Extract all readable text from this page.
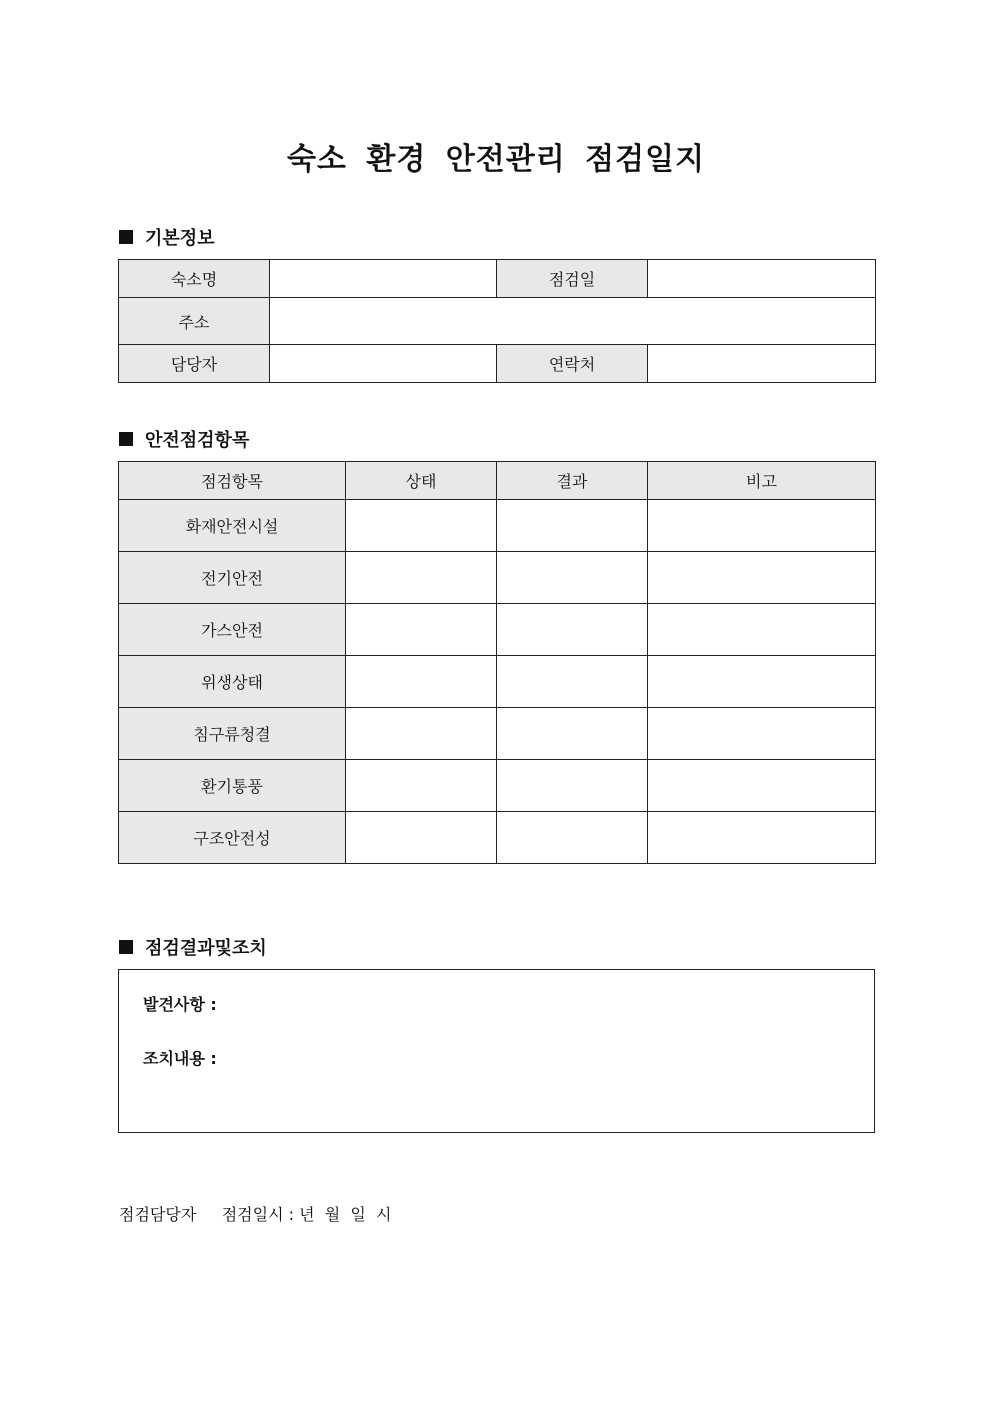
숙소 환경 안전관리 점검일지
기본정보
숙소명		점검일	
주소			
담당자		연락처	
안전점검항목
점검항목	상태	결과	비고
화재안전시설			
전기안전			
가스안전			
위생상태			
침구류청결			
환기통풍			
구조안전성			
점검결과및조치
발견사항 :
조치내용 :
점검담당자 점검일시 : 년  월  일  시
